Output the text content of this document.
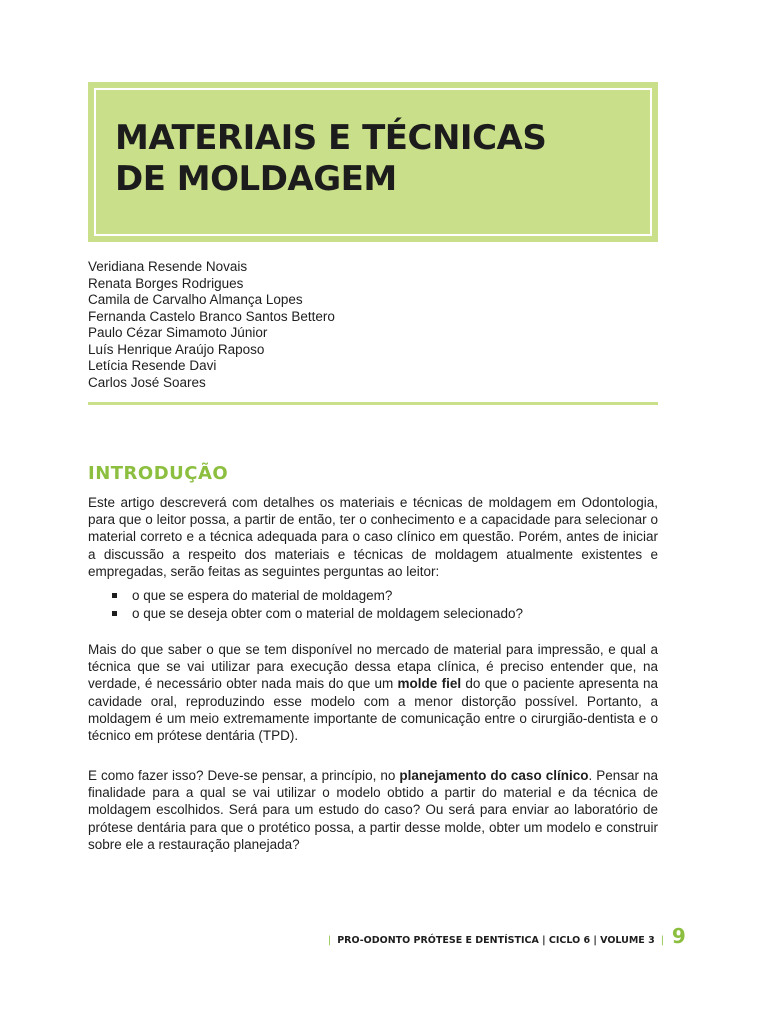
MATERIAIS E TÉCNICAS
DE MOLDAGEM
Veridiana Resende Novais
Renata Borges Rodrigues
Camila de Carvalho Almança Lopes
Fernanda Castelo Branco Santos Bettero
Paulo Cézar Simamoto Júnior
Luís Henrique Araújo Raposo
Letícia Resende Davi
Carlos José Soares
INTRODUÇÃO

Este artigo descreverá com detalhes os materiais e técnicas de moldagem em Odontologia, para que o leitor possa, a partir de então, ter o conhecimento e a capacidade para selecionar o material correto e a técnica adequada para o caso clínico em questão. Porém, antes de iniciar a discussão a respeito dos materiais e técnicas de moldagem atualmente existentes e empregadas, serão feitas as seguintes perguntas ao leitor:

o que se espera do material de moldagem?
o que se deseja obter com o material de moldagem selecionado?

Mais do que saber o que se tem disponível no mercado de material para impressão, e qual a técnica que se vai utilizar para execução dessa etapa clínica, é preciso entender que, na verdade, é necessário obter nada mais do que um molde fiel do que o paciente apresenta na cavidade oral, reproduzindo esse modelo com a menor distorção possível. Portanto, a moldagem é um meio extremamente importante de comunicação entre o cirurgião-dentista e o técnico em prótese dentária (TPD).

E como fazer isso? Deve-se pensar, a princípio, no planejamento do caso clínico. Pensar na finalidade para a qual se vai utilizar o modelo obtido a partir do material e da técnica de moldagem escolhidos. Será para um estudo do caso? Ou será para enviar ao laboratório de prótese dentária para que o protético possa, a partir desse molde, obter um modelo e construir sobre ele a restauração planejada?

| PRO-ODONTO PRÓTESE E DENTÍSTICA | CICLO 6 | VOLUME 3 | 9
